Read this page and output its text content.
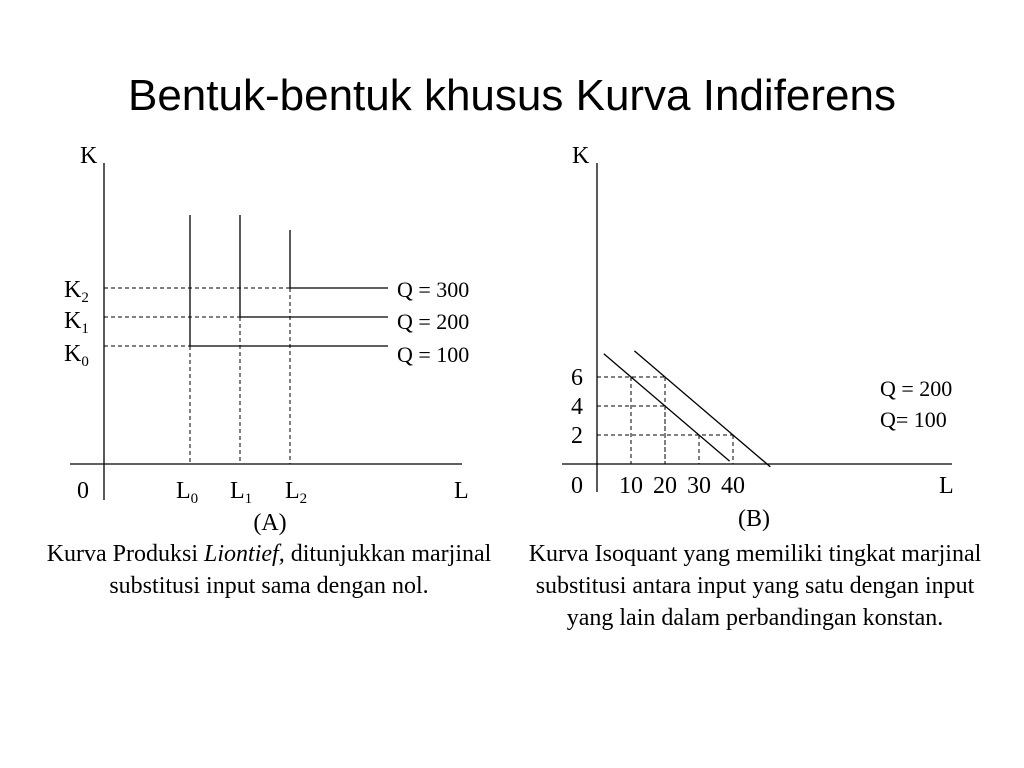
Bentuk-bentuk khusus Kurva Indiferens
K
L
0
$K_2$
$K_1$
$K_0$
$L_0$ $L_1$ $L_2$
Q = 300
Q = 200
Q = 100
(A)
K
L
0
6
4
2
10 20 30 40
Q = 200
Q= 100
(B)
Kurva Produksi Liontief, ditunjukkan marjinal substitusi input sama dengan nol.
Kurva Isoquant yang memiliki tingkat marjinal substitusi antara input yang satu dengan input yang lain dalam perbandingan konstan.
